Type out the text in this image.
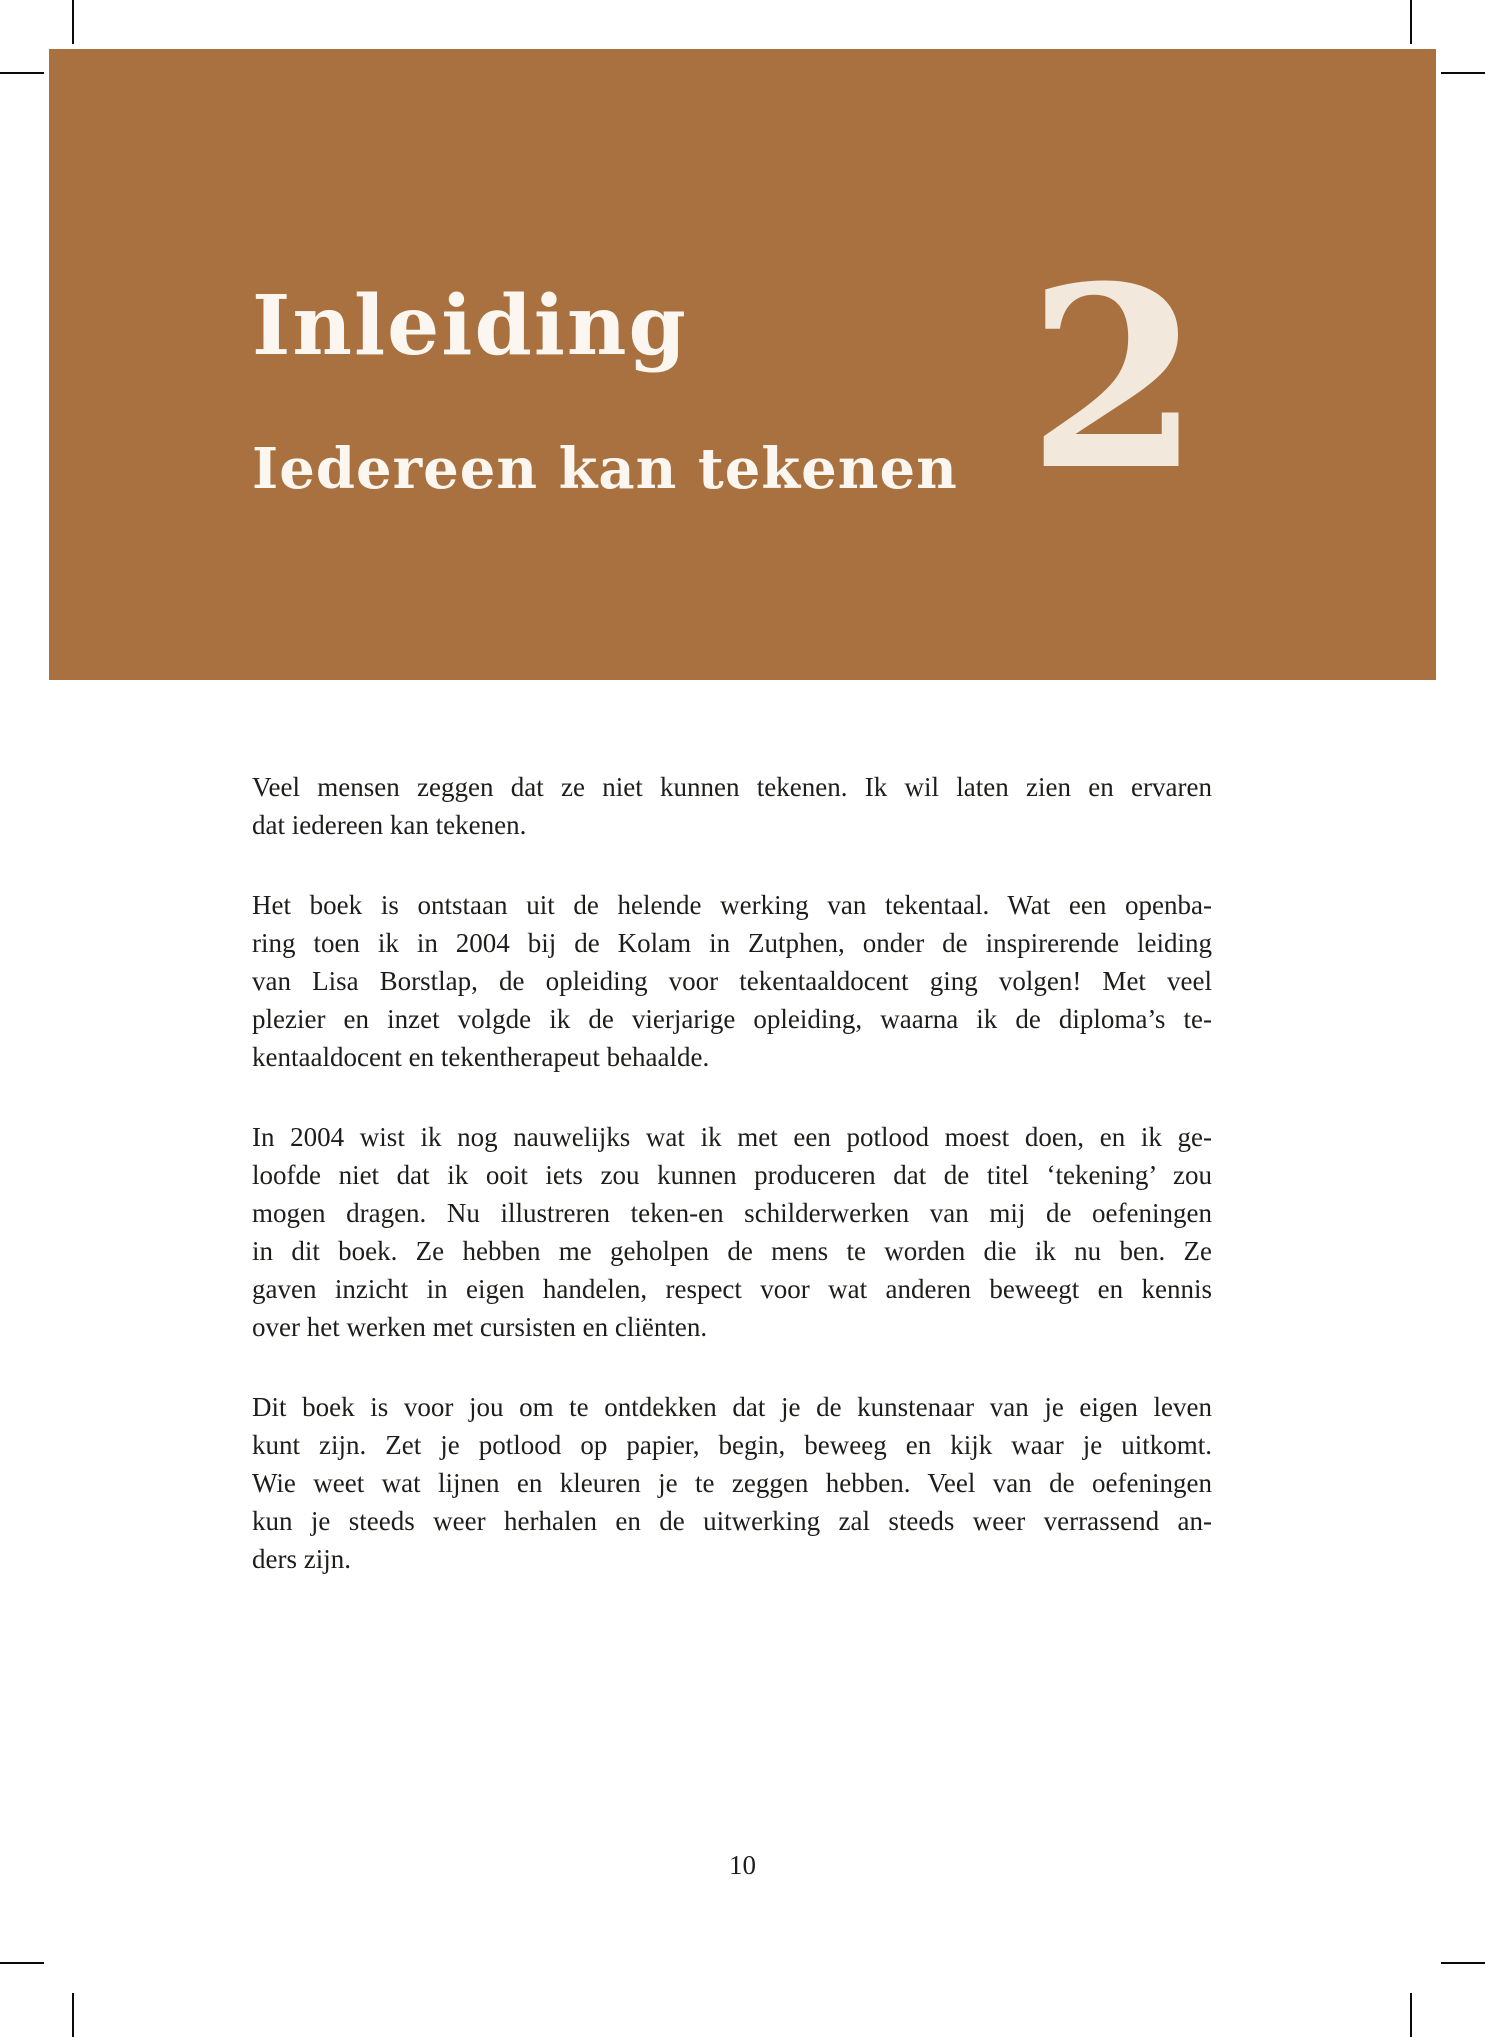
Inleiding
Iedereen kan tekenen 2
Veel mensen zeggen dat ze niet kunnen tekenen. Ik wil laten zien en ervaren
dat iedereen kan tekenen.
Het boek is ontstaan uit de helende werking van tekentaal. Wat een openba-
ring toen ik in 2004 bij de Kolam in Zutphen, onder de inspirerende leiding
van Lisa Borstlap, de opleiding voor tekentaaldocent ging volgen! Met veel
plezier en inzet volgde ik de vierjarige opleiding, waarna ik de diploma’s te-
kentaaldocent en tekentherapeut behaalde.
In 2004 wist ik nog nauwelijks wat ik met een potlood moest doen, en ik ge-
loofde niet dat ik ooit iets zou kunnen produceren dat de titel ‘tekening’ zou
mogen dragen. Nu illustreren teken-en schilderwerken van mij de oefeningen
in dit boek. Ze hebben me geholpen de mens te worden die ik nu ben. Ze
gaven inzicht in eigen handelen, respect voor wat anderen beweegt en kennis
over het werken met cursisten en cliënten.
Dit boek is voor jou om te ontdekken dat je de kunstenaar van je eigen leven
kunt zijn. Zet je potlood op papier, begin, beweeg en kijk waar je uitkomt.
Wie weet wat lijnen en kleuren je te zeggen hebben. Veel van de oefeningen
kun je steeds weer herhalen en de uitwerking zal steeds weer verrassend an-
ders zijn.
10
